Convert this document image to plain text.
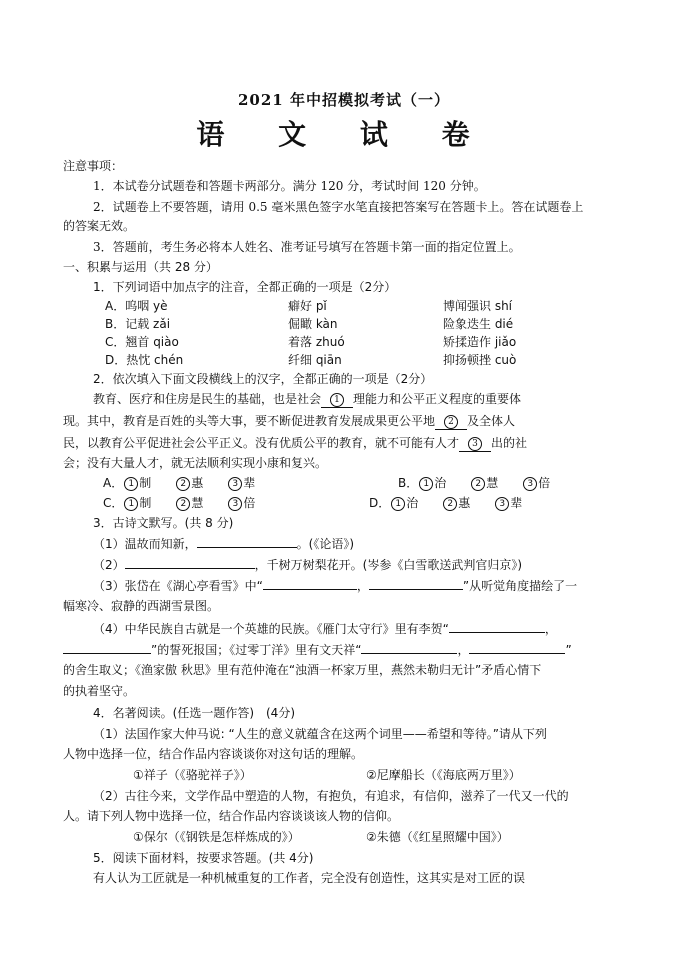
2021 年中招模拟考试（一）
语 文 试 卷
注意事项：
1．本试卷分试题卷和答题卡两部分。满分 120 分，考试时间 120 分钟。
2．试题卷上不要答题，请用 0.5 毫米黑色签字水笔直接把答案写在答题卡上。答在试题卷上
的答案无效。
3．答题前，考生务必将本人姓名、准考证号填写在答题卡第一面的指定位置上。
一、积累与运用（共 28 分）
1．下列词语中加点字的注音，全都正确的一项是（2分）
A．呜咽 yè	癖好 pǐ	博闻强识 shí
B．记载 zǎi	倔瞰 kàn	险象迭生 dié
C．翘首 qiào	着落 zhuó	矫揉造作 jiǎo
D．热忱 chén	纤细 qiān	抑扬顿挫 cuò
2．依次填入下面文段横线上的汉字，全都正确的一项是（2分）
教育、医疗和住房是民生的基础，也是社会 1 理能力和公平正义程度的重要体
现。其中，教育是百姓的头等大事，要不断促进教育发展成果更公平地 2 及全体人
民，以教育公平促进社会公平正义。没有优质公平的教育，就不可能有人才 3 出的社
会；没有大量人才，就无法顺利实现小康和复兴。
A． 1 制  	2 惠  	3 辈	B． 1 治  	2 慧  	3 倍
C． 1 制  	2 慧  	3 倍	D． 1 治  	2 惠  	3 辈
3．古诗文默写。(共 8 分)
（1）温故而知新，	。(《论语》)
（2）	，千树万树梨花开。(岑参《白雪歌送武判官归京》)
（3）张岱在《湖心亭看雪》中“	，	”从听觉角度描绘了一
幅寒冷、寂静的西湖雪景图。
（4）中华民族自古就是一个英雄的民族。《雁门太守行》里有李贺“	，
”的誓死报国；《过零丁洋》里有文天祥“	，	”
的舍生取义；《渔家傲 秋思》里有范仲淹在“浊酒一杯家万里，燕然未勒归无计”矛盾心情下
的执着坚守。
4．名著阅读。(任选一题作答)　(4分)
（1）法国作家大仲马说: “人生的意义就蕴含在这两个词里——希望和等待。”请从下列
人物中选择一位，结合作品内容谈谈你对这句话的理解。
①祥子（《骆驼祥子》）	②尼摩船长（《海底两万里》）
（2）古往今来，文学作品中塑造的人物，有抱负，有追求，有信仰，滋养了一代又一代的
人。请下列人物中选择一位，结合作品内容谈谈该人物的信仰。
①保尔（《钢铁是怎样炼成的》）	②朱德（《红星照耀中国》）
5．阅读下面材料，按要求答题。(共 4分)
有人认为工匠就是一种机械重复的工作者，完全没有创造性，这其实是对工匠的误
